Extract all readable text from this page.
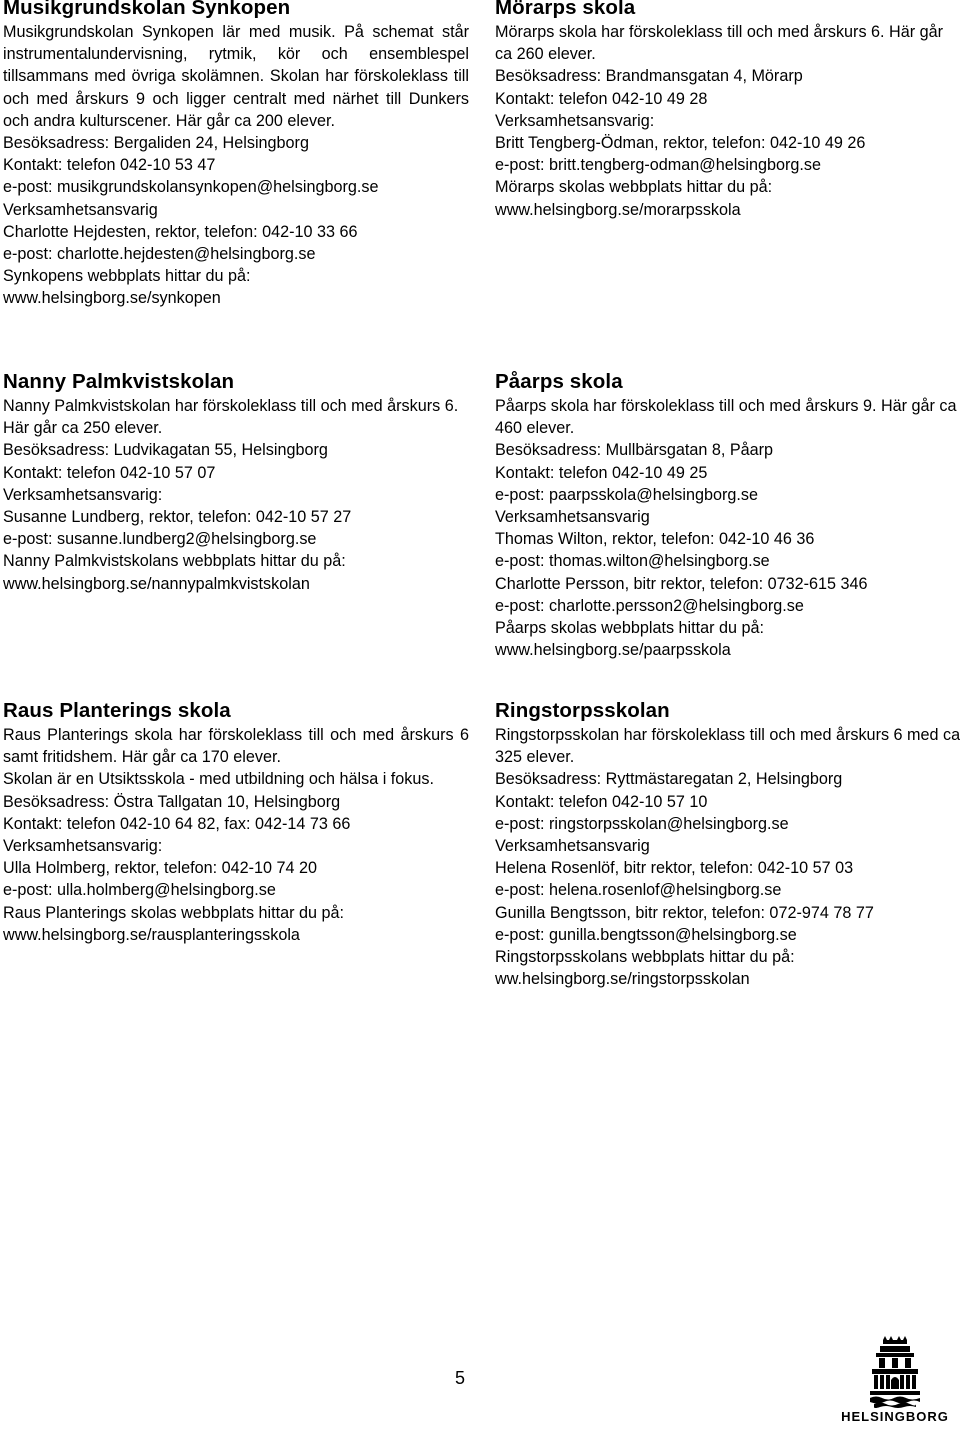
Musikgrundskolan Synkopen
Musikgrundskolan Synkopen lär med musik. På schemat står instrumentalundervisning, rytmik, kör och ensemblespel tillsammans med övriga skolämnen. Skolan har förskoleklass till och med årskurs 9 och ligger centralt med närhet till Dunkers och andra kulturscener. Här går ca 200 elever.
Besöksadress: Bergaliden 24, Helsingborg
Kontakt: telefon 042-10 53 47
e-post: musikgrundskolansynkopen@helsingborg.se
Verksamhetsansvarig
Charlotte Hejdesten, rektor, telefon: 042-10 33 66
e-post: charlotte.hejdesten@helsingborg.se
Synkopens webbplats hittar du på:
www.helsingborg.se/synkopen
Mörarps skola
Mörarps skola har förskoleklass till och med årskurs 6. Här går ca 260 elever.
Besöksadress: Brandmansgatan 4, Mörarp
Kontakt: telefon 042-10 49 28
Verksamhetsansvarig:
Britt Tengberg-Ödman, rektor, telefon: 042-10 49 26
e-post: britt.tengberg-odman@helsingborg.se
Mörarps skolas webbplats hittar du på:
www.helsingborg.se/morarpsskola
Nanny Palmkvistskolan
Nanny Palmkvistskolan har förskoleklass till och med årskurs 6. Här går ca 250 elever.
Besöksadress: Ludvikagatan 55, Helsingborg
Kontakt: telefon 042-10 57 07
Verksamhetsansvarig:
Susanne Lundberg, rektor, telefon: 042-10 57 27
e-post: susanne.lundberg2@helsingborg.se
Nanny Palmkvistskolans webbplats hittar du på:
www.helsingborg.se/nannypalmkvistskolan
Påarps skola
Påarps skola har förskoleklass till och med årskurs 9. Här går ca 460 elever.
Besöksadress: Mullbärsgatan 8, Påarp
Kontakt: telefon 042-10 49 25
e-post: paarpsskola@helsingborg.se
Verksamhetsansvarig
Thomas Wilton, rektor, telefon: 042-10 46 36
e-post: thomas.wilton@helsingborg.se
Charlotte Persson, bitr rektor, telefon: 0732-615 346
e-post: charlotte.persson2@helsingborg.se
Påarps skolas webbplats hittar du på:
www.helsingborg.se/paarpsskola
Raus Planterings skola
Raus Planterings skola har förskoleklass till och med årskurs 6 samt fritidshem. Här går ca 170 elever.
Skolan är en Utsiktsskola - med utbildning och hälsa i fokus.
Besöksadress: Östra Tallgatan 10, Helsingborg
Kontakt: telefon 042-10 64 82, fax: 042-14 73 66
Verksamhetsansvarig:
Ulla Holmberg, rektor, telefon: 042-10 74 20
e-post: ulla.holmberg@helsingborg.se
Raus Planterings skolas webbplats hittar du på:
www.helsingborg.se/rausplanteringsskola
Ringstorpsskolan
Ringstorpsskolan har förskoleklass till och med årskurs 6 med ca 325 elever.
Besöksadress: Ryttmästaregatan 2, Helsingborg
Kontakt: telefon 042-10 57 10
e-post: ringstorpsskolan@helsingborg.se
Verksamhetsansvarig
Helena Rosenlöf, bitr rektor, telefon: 042-10 57 03
e-post: helena.rosenlof@helsingborg.se
Gunilla Bengtsson, bitr rektor, telefon: 072-974 78 77
e-post: gunilla.bengtsson@helsingborg.se
Ringstorpsskolans webbplats hittar du på:
ww.helsingborg.se/ringstorpsskolan
5
HELSINGBORG
